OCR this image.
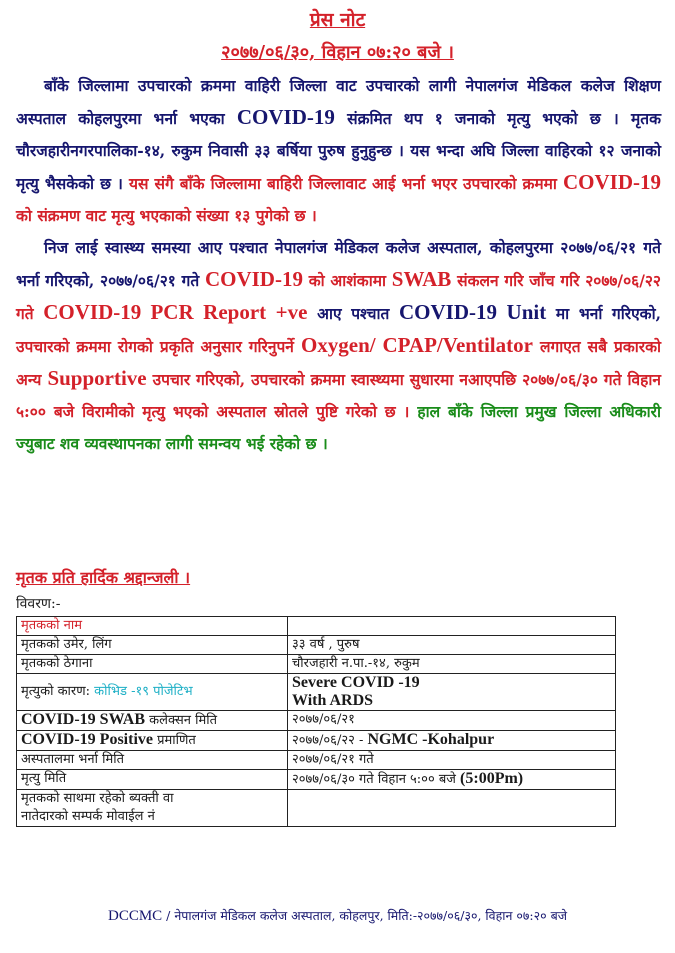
प्रेस नोट
२०७७/०६/३०, विहान ०७:२० बजे ।

बाँके जिल्लामा उपचारको क्रममा वाहिरी जिल्ला वाट उपचारको लागी नेपालगंज मेडिकल कलेज शिक्षण अस्पताल कोहलपुरमा भर्ना भएका COVID-19 संक्रमित थप १ जनाको मृत्यु भएको छ । मृतक चौरजहारीनगरपालिका-१४, रुकुम निवासी ३३ बर्षिया पुरुष हुनुहुन्छ । यस भन्दा अघि जिल्ला वाहिरको १२ जनाको मृत्यु भैसकेको छ । यस संगै बाँके जिल्लामा बाहिरी जिल्लावाट आई भर्ना भएर उपचारको क्रममा COVID-19 को संक्रमण वाट मृत्यु भएकाको संख्या १३ पुगेको छ ।

निज लाई स्वास्थ्य समस्या आए पश्चात नेपालगंज मेडिकल कलेज अस्पताल, कोहलपुरमा २०७७/०६/२१ गते भर्ना गरिएको, २०७७/०६/२१ गते COVID-19 को आशंकामा SWAB संकलन गरि जाँच गरि २०७७/०६/२२ गते COVID-19 PCR Report +ve आए पश्चात COVID-19 Unit मा भर्ना गरिएको, उपचारको क्रममा रोगको प्रकृति अनुसार गरिनुपर्ने Oxygen/ CPAP/Ventilator लगाएत सबै प्रकारको अन्य Supportive उपचार गरिएको, उपचारको क्रममा स्वास्थ्यमा सुधारमा नआएपछि २०७७/०६/३० गते विहान ५:०० बजे विरामीको मृत्यु भएको अस्पताल स्रोतले पुष्टि गरेको छ । हाल बाँके जिल्ला प्रमुख जिल्ला अधिकारी ज्युबाट शव व्यवस्थापनका लागी समन्वय भई रहेको छ ।

मृतक प्रति हार्दिक श्रद्दान्जली ।
विवरण:-
मृतकको नाम	
मृतकको उमेर, लिंग	३३ वर्ष , पुरुष
मृतकको ठेगाना	चौरजहारी न.पा.-१४, रुकुम
मृत्युको कारण: कोभिड -१९ पोजेटिभ	Severe COVID -19
With ARDS

COVID-19 SWAB कलेक्सन मिति	२०७७/०६/२१
COVID-19 Positive प्रमाणित	२०७७/०६/२२ - NGMC -Kohalpur
अस्पतालमा भर्ना मिति	२०७७/०६/२१ गते
मृत्यु मिति	२०७७/०६/३० गते विहान ५:०० बजे (5:00Pm)

मृतकको साथमा रहेको ब्यक्ती वा
नातेदारको सम्पर्क मोवाईल नं	

DCCMC / नेपालगंज मेडिकल कलेज अस्पताल, कोहलपुर, मिति:-२०७७/०६/३०, विहान ०७:२० बजे
